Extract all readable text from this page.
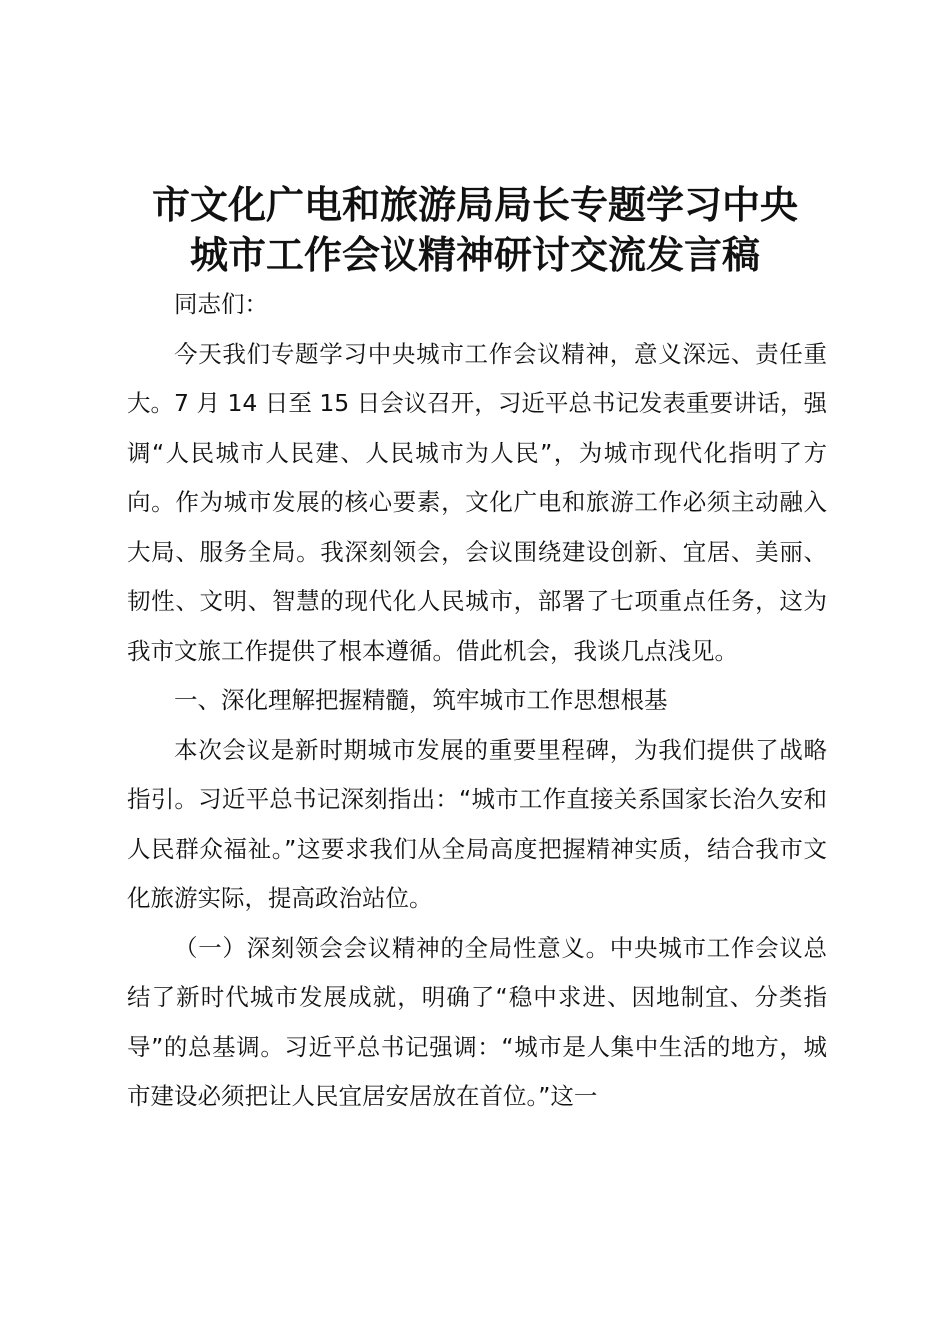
市文化广电和旅游局局长专题学习中央
城市工作会议精神研讨交流发言稿

同志们：

今天我们专题学习中央城市工作会议精神，意义深远、责任重大。7 月 14 日至 15 日会议召开，习近平总书记发表重要讲话，强调“人民城市人民建、人民城市为人民”，为城市现代化指明了方向。作为城市发展的核心要素，文化广电和旅游工作必须主动融入大局、服务全局。我深刻领会，会议围绕建设创新、宜居、美丽、韧性、文明、智慧的现代化人民城市，部署了七项重点任务，这为我市文旅工作提供了根本遵循。借此机会，我谈几点浅见。

一、深化理解把握精髓，筑牢城市工作思想根基

本次会议是新时期城市发展的重要里程碑，为我们提供了战略指引。习近平总书记深刻指出：“城市工作直接关系国家长治久安和人民群众福祉。”这要求我们从全局高度把握精神实质，结合我市文化旅游实际，提高政治站位。

（一）深刻领会会议精神的全局性意义。中央城市工作会议总结了新时代城市发展成就，明确了“稳中求进、因地制宜、分类指导”的总基调。习近平总书记强调：“城市是人集中生活的地方，城市建设必须把让人民宜居安居放在首位。”这一
